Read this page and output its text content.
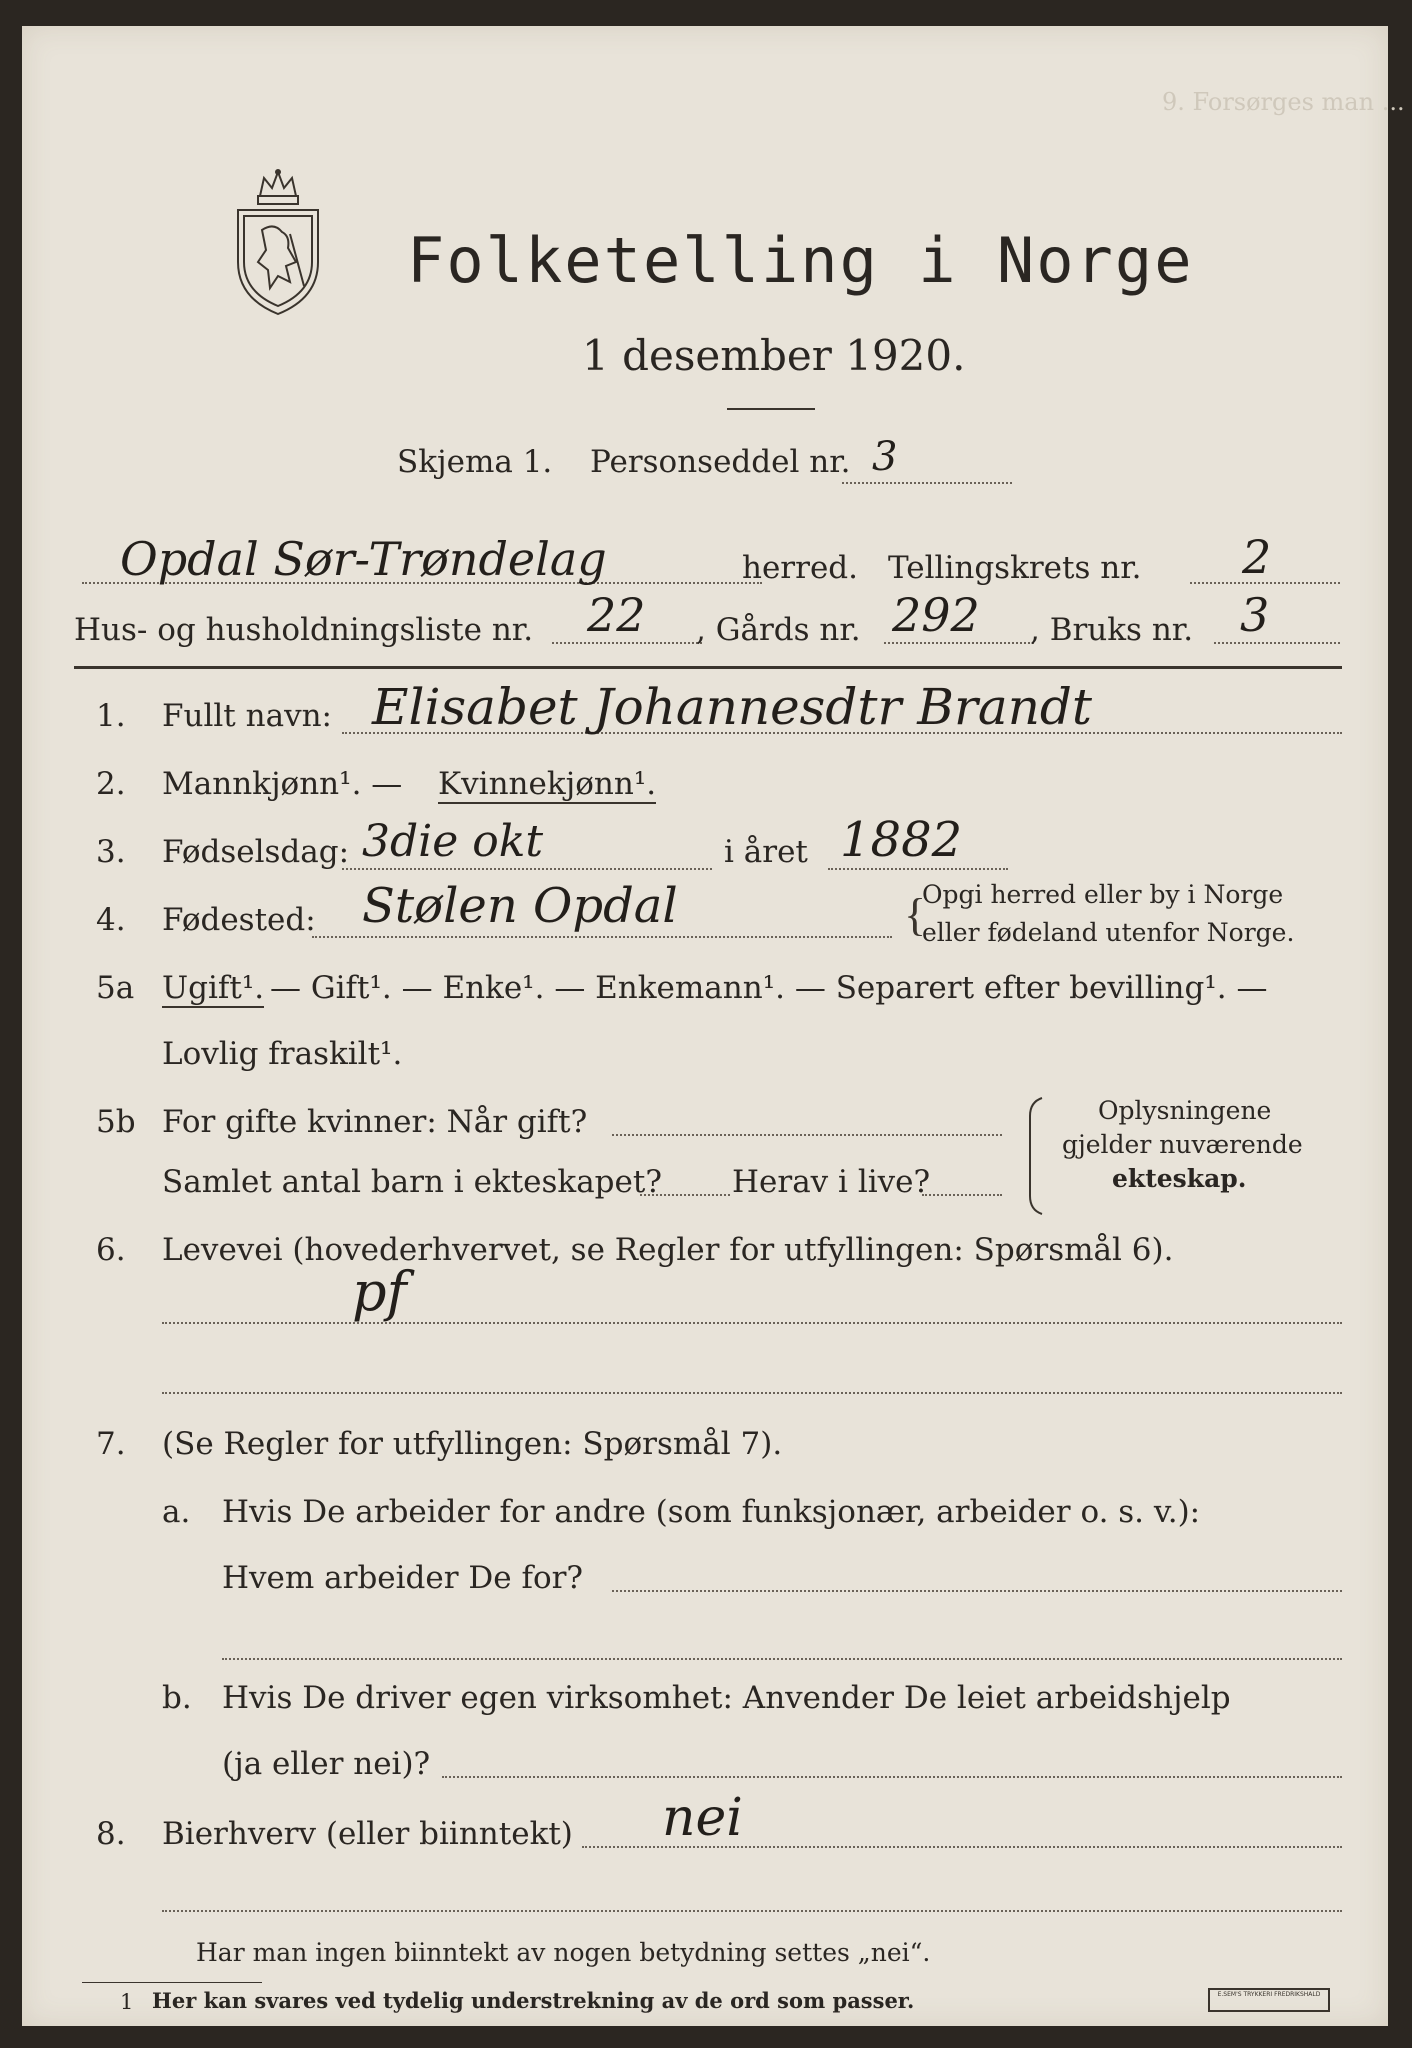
Folketelling i Norge
1 desember 1920.
9. Forsørges man ...
Skjema 1. Personseddel nr. 3
Opdal Sør-Trøndelag	herred. Tellingskrets nr. 2
Hus- og husholdningsliste nr. 22 , Gårds nr. 292 , Bruks nr. 3
1. Fullt navn: Elisabet Johannesdtr Brandt
2. Mannkjønn¹. — Kvinnekjønn¹.
3. Fødselsdag: 3die okt	i året 1882
4. Fødested: Stølen Opdal	{
Opgi herred eller by i Norge
eller fødeland utenfor Norge.
5a Ugift¹. — Gift¹. — Enke¹. — Enkemann¹. — Separert efter bevilling¹. —
Lovlig fraskilt¹.
5b For gifte kvinner: Når gift?
Samlet antal barn i ekteskapet? Herav i live?
Oplysningene
gjelder nuværende
ekteskap.
6. Levevei (hovederhvervet, se Regler for utfyllingen: Spørsmål 6).
pf
7. (Se Regler for utfyllingen: Spørsmål 7).
a. Hvis De arbeider for andre (som funksjonær, arbeider o. s. v.):
Hvem arbeider De for?
b. Hvis De driver egen virksomhet: Anvender De leiet arbeidshjelp
(ja eller nei)?
8. Bierhverv (eller biinntekt) nei
Har man ingen biinntekt av nogen betydning settes „nei“.
1 Her kan svares ved tydelig understrekning av de ord som passer.	E.SEM'S TRYKKERI FREDRIKSHALD
